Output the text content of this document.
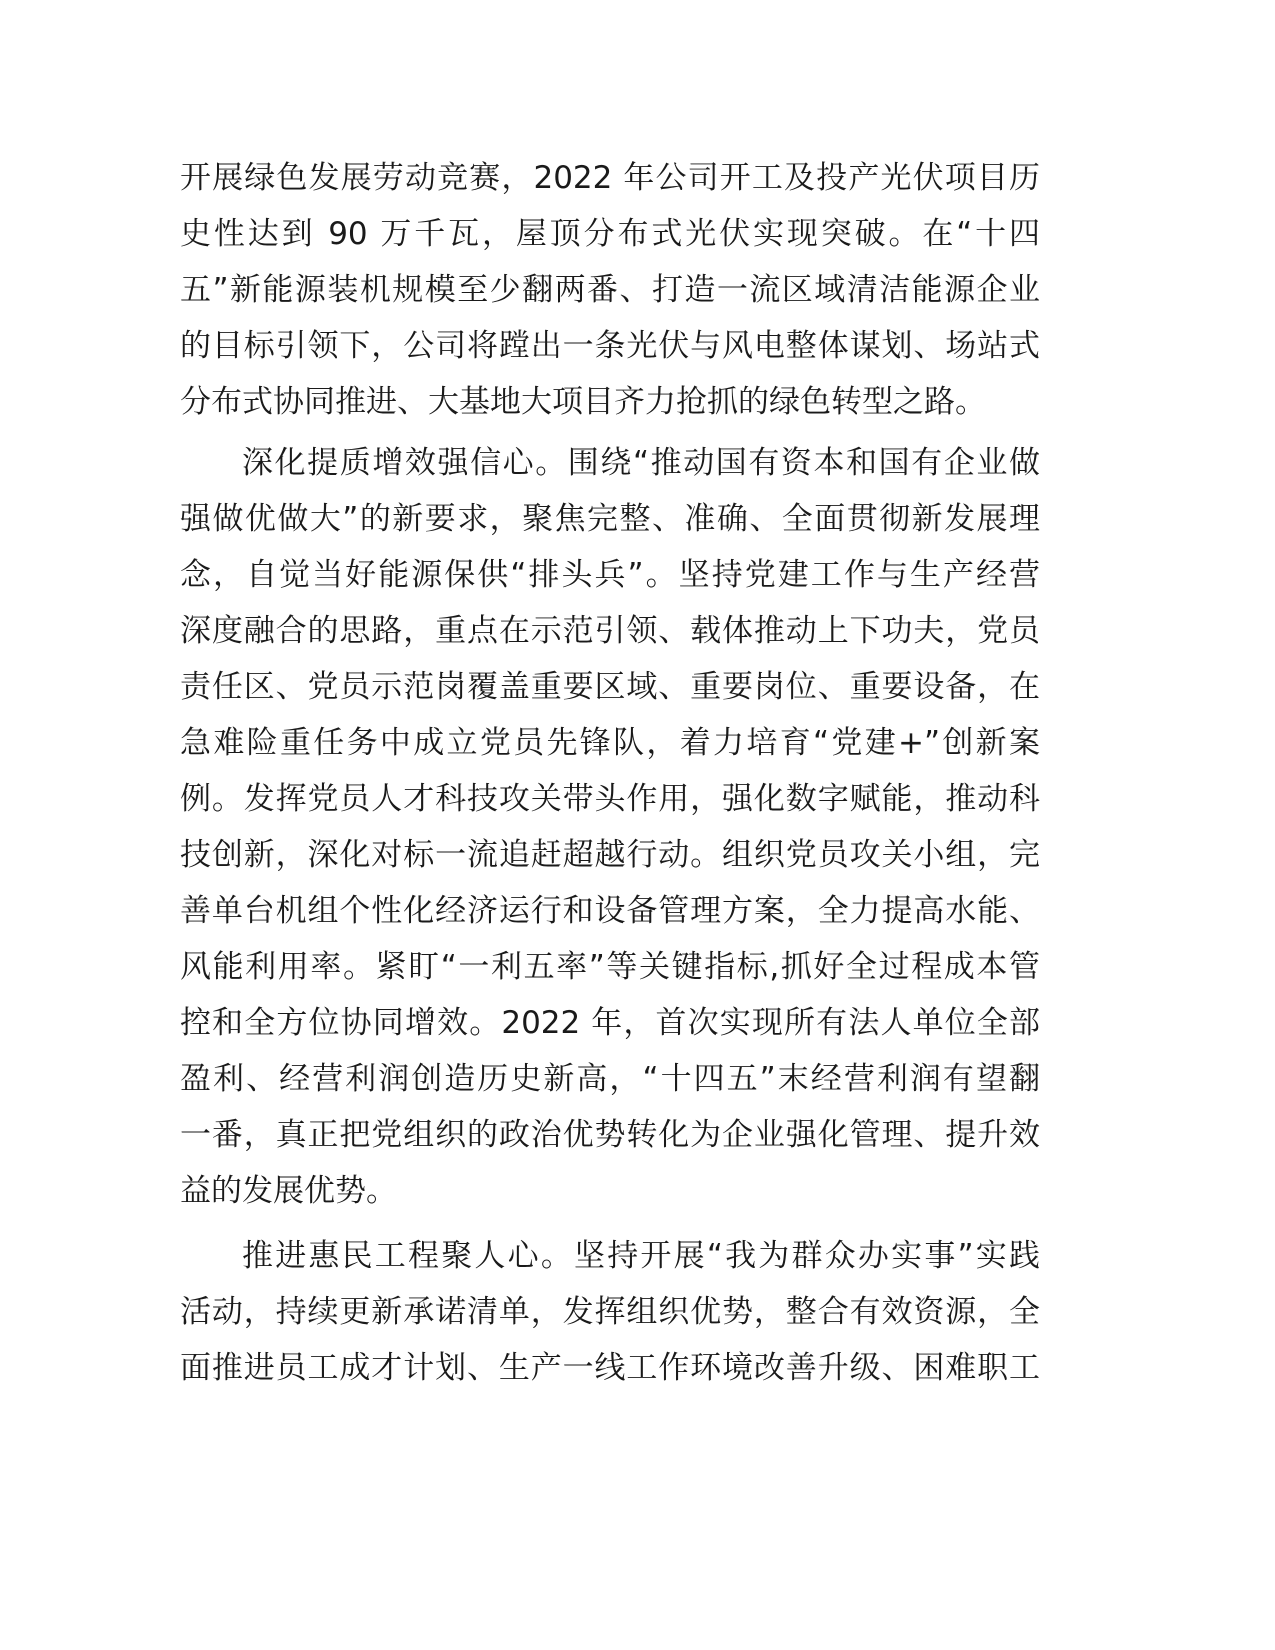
开展绿色发展劳动竞赛，2022 年公司开工及投产光伏项目历
史性达到 90 万千瓦，屋顶分布式光伏实现突破。在“十四
五”新能源装机规模至少翻两番、打造一流区域清洁能源企业
的目标引领下，公司将蹚出一条光伏与风电整体谋划、场站式
分布式协同推进、大基地大项目齐力抢抓的绿色转型之路。
深化提质增效强信心。围绕“推动国有资本和国有企业做
强做优做大”的新要求，聚焦完整、准确、全面贯彻新发展理
念，自觉当好能源保供“排头兵”。坚持党建工作与生产经营
深度融合的思路，重点在示范引领、载体推动上下功夫，党员
责任区、党员示范岗覆盖重要区域、重要岗位、重要设备，在
急难险重任务中成立党员先锋队，着力培育“党建+”创新案
例。发挥党员人才科技攻关带头作用，强化数字赋能，推动科
技创新，深化对标一流追赶超越行动。组织党员攻关小组，完
善单台机组个性化经济运行和设备管理方案，全力提高水能、
风能利用率。紧盯“一利五率”等关键指标,抓好全过程成本管
控和全方位协同增效。2022 年，首次实现所有法人单位全部
盈利、经营利润创造历史新高，“十四五”末经营利润有望翻
一番，真正把党组织的政治优势转化为企业强化管理、提升效
益的发展优势。
推进惠民工程聚人心。坚持开展“我为群众办实事”实践
活动，持续更新承诺清单，发挥组织优势，整合有效资源，全
面推进员工成才计划、生产一线工作环境改善升级、困难职工
